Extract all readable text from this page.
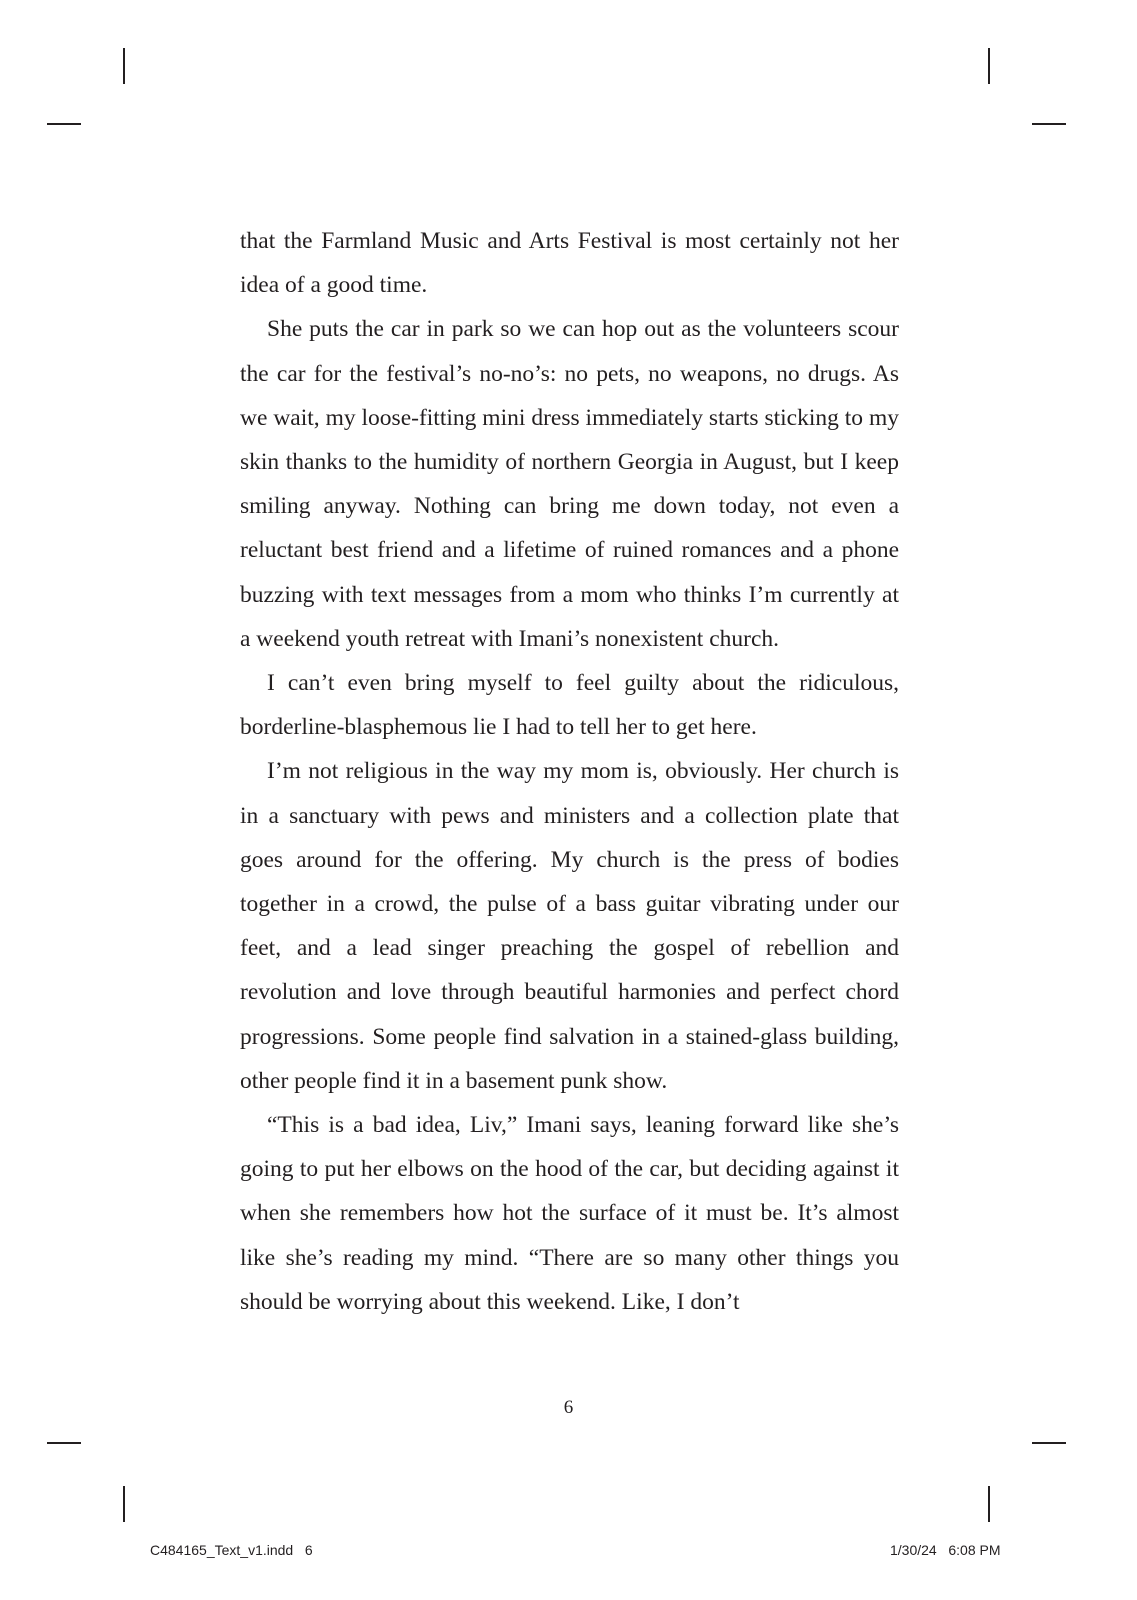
that the Farmland Music and Arts Festival is most certainly not her idea of a good time.

She puts the car in park so we can hop out as the volunteers scour the car for the festival’s no-no’s: no pets, no weapons, no drugs. As we wait, my loose-fitting mini dress immediately starts sticking to my skin thanks to the humidity of northern Georgia in August, but I keep smiling anyway. Nothing can bring me down today, not even a reluctant best friend and a lifetime of ruined romances and a phone buzzing with text messages from a mom who thinks I’m currently at a weekend youth retreat with Imani’s nonexistent church.

I can’t even bring myself to feel guilty about the ridiculous, borderline-blasphemous lie I had to tell her to get here.

I’m not religious in the way my mom is, obviously. Her church is in a sanctuary with pews and ministers and a collection plate that goes around for the offering. My church is the press of bodies together in a crowd, the pulse of a bass guitar vibrating under our feet, and a lead singer preaching the gospel of rebellion and revolution and love through beautiful harmonies and perfect chord progressions. Some people find salvation in a stained-glass building, other people find it in a basement punk show.

“This is a bad idea, Liv,” Imani says, leaning forward like she’s going to put her elbows on the hood of the car, but deciding against it when she remembers how hot the surface of it must be. It’s almost like she’s reading my mind. “There are so many other things you should be worrying about this weekend. Like, I don’t

6
C484165_Text_v1.indd   6	1/30/24   6:08 PM
